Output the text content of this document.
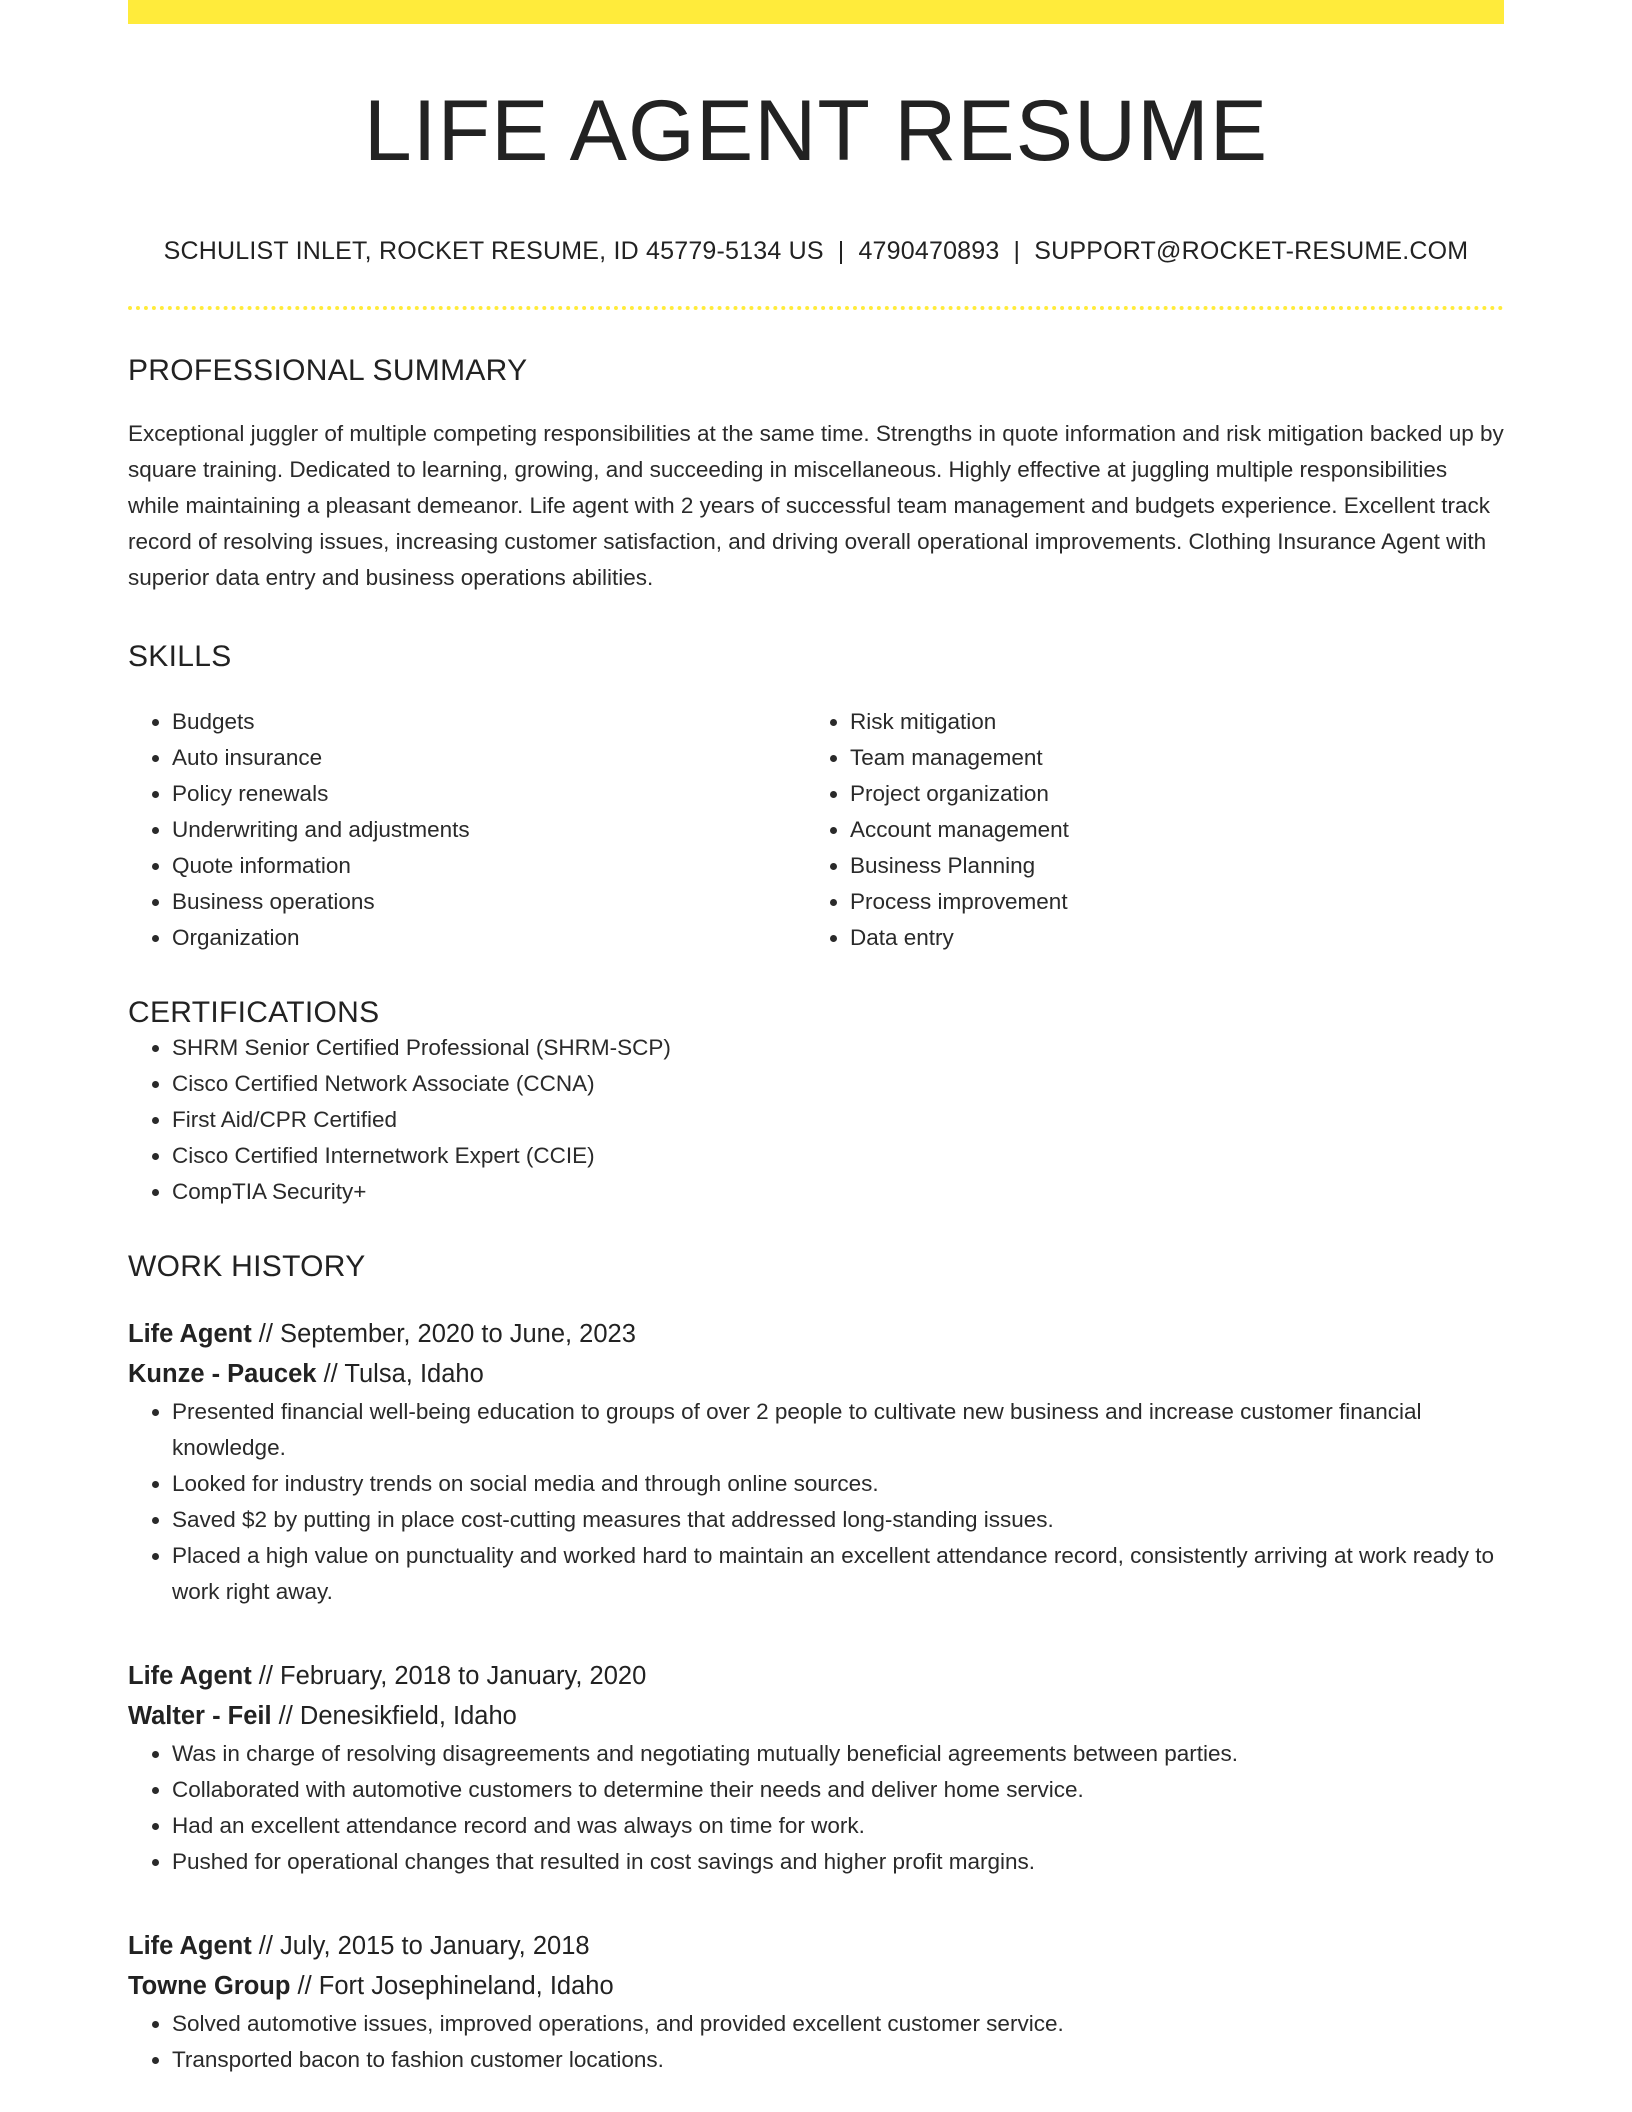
LIFE AGENT RESUME
SCHULIST INLET, ROCKET RESUME, ID 45779-5134 US | 4790470893 | SUPPORT@ROCKET-RESUME.COM
PROFESSIONAL SUMMARY
Exceptional juggler of multiple competing responsibilities at the same time. Strengths in quote information and risk mitigation backed up by square training. Dedicated to learning, growing, and succeeding in miscellaneous. Highly effective at juggling multiple responsibilities while maintaining a pleasant demeanor. Life agent with 2 years of successful team management and budgets experience. Excellent track record of resolving issues, increasing customer satisfaction, and driving overall operational improvements. Clothing Insurance Agent with superior data entry and business operations abilities.
SKILLS
• Budgets
• Auto insurance
• Policy renewals
• Underwriting and adjustments
• Quote information
• Business operations
• Organization
• Risk mitigation
• Team management
• Project organization
• Account management
• Business Planning
• Process improvement
• Data entry
CERTIFICATIONS
• SHRM Senior Certified Professional (SHRM-SCP)
• Cisco Certified Network Associate (CCNA)
• First Aid/CPR Certified
• Cisco Certified Internetwork Expert (CCIE)
• CompTIA Security+
WORK HISTORY
Life Agent // September, 2020 to June, 2023
Kunze - Paucek // Tulsa, Idaho
• Presented financial well-being education to groups of over 2 people to cultivate new business and increase customer financial knowledge.
• Looked for industry trends on social media and through online sources.
• Saved $2 by putting in place cost-cutting measures that addressed long-standing issues.
• Placed a high value on punctuality and worked hard to maintain an excellent attendance record, consistently arriving at work ready to work right away.
Life Agent // February, 2018 to January, 2020
Walter - Feil // Denesikfield, Idaho
• Was in charge of resolving disagreements and negotiating mutually beneficial agreements between parties.
• Collaborated with automotive customers to determine their needs and deliver home service.
• Had an excellent attendance record and was always on time for work.
• Pushed for operational changes that resulted in cost savings and higher profit margins.
Life Agent // July, 2015 to January, 2018
Towne Group // Fort Josephineland, Idaho
• Solved automotive issues, improved operations, and provided excellent customer service.
• Transported bacon to fashion customer locations.
